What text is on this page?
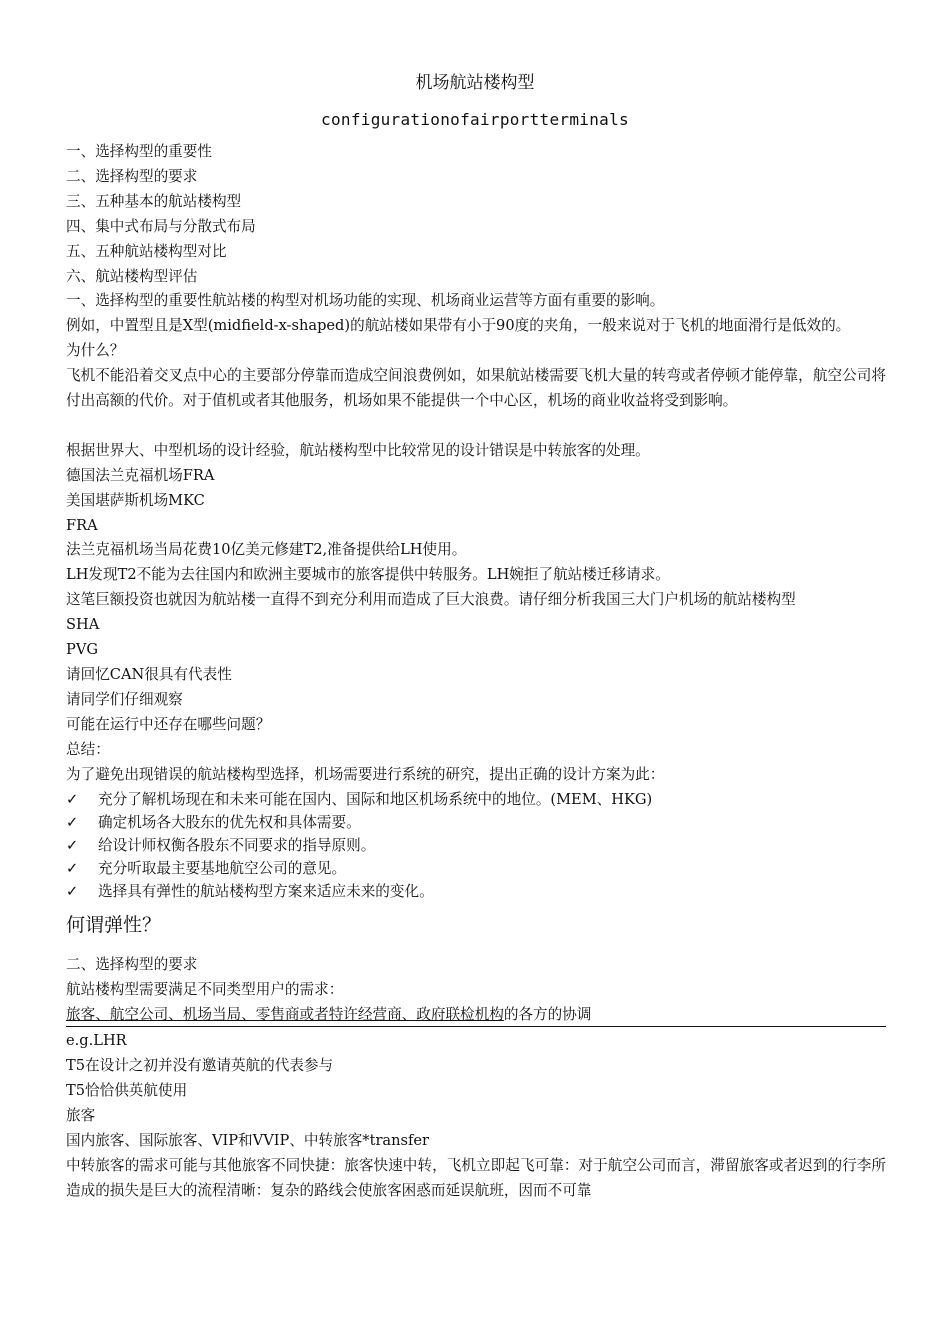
机场航站楼构型
configurationofairportterminals
一、选择构型的重要性
二、选择构型的要求
三、五种基本的航站楼构型
四、集中式布局与分散式布局
五、五种航站楼构型对比
六、航站楼构型评估
一、选择构型的重要性航站楼的构型对机场功能的实现、机场商业运营等方面有重要的影响。
例如，中置型且是X型(midfield-x-shaped)的航站楼如果带有小于90度的夹角，一般来说对于飞机的地面滑行是低效的。
为什么？
飞机不能沿着交叉点中心的主要部分停靠而造成空间浪费例如，如果航站楼需要飞机大量的转弯或者停顿才能停靠，航空公司将付出高额的代价。对于值机或者其他服务，机场如果不能提供一个中心区，机场的商业收益将受到影响。
根据世界大、中型机场的设计经验，航站楼构型中比较常见的设计错误是中转旅客的处理。
德国法兰克福机场FRA
美国堪萨斯机场MKC
FRA
法兰克福机场当局花费10亿美元修建T2,准备提供给LH使用。
LH发现T2不能为去往国内和欧洲主要城市的旅客提供中转服务。LH婉拒了航站楼迁移请求。
这笔巨额投资也就因为航站楼一直得不到充分利用而造成了巨大浪费。请仔细分析我国三大门户机场的航站楼构型
SHA
PVG
请回忆CAN很具有代表性
请同学们仔细观察
可能在运行中还存在哪些问题？
总结：
为了避免出现错误的航站楼构型选择，机场需要进行系统的研究，提出正确的设计方案为此：
✓ 充分了解机场现在和未来可能在国内、国际和地区机场系统中的地位。(MEM、HKG)
✓ 确定机场各大股东的优先权和具体需要。
✓ 给设计师权衡各股东不同要求的指导原则。
✓ 充分听取最主要基地航空公司的意见。
✓ 选择具有弹性的航站楼构型方案来适应未来的变化。
何谓弹性？
二、选择构型的要求
航站楼构型需要满足不同类型用户的需求：
旅客、航空公司、机场当局、零售商或者特许经营商、政府联检机构的各方的协调
e.g.LHR
T5在设计之初并没有邀请英航的代表参与
T5恰恰供英航使用
旅客
国内旅客、国际旅客、VIP和VVIP、中转旅客*transfer
中转旅客的需求可能与其他旅客不同快捷：旅客快速中转，飞机立即起飞可靠：对于航空公司而言，滞留旅客或者迟到的行李所造成的损失是巨大的流程清晰：复杂的路线会使旅客困惑而延误航班，因而不可靠
